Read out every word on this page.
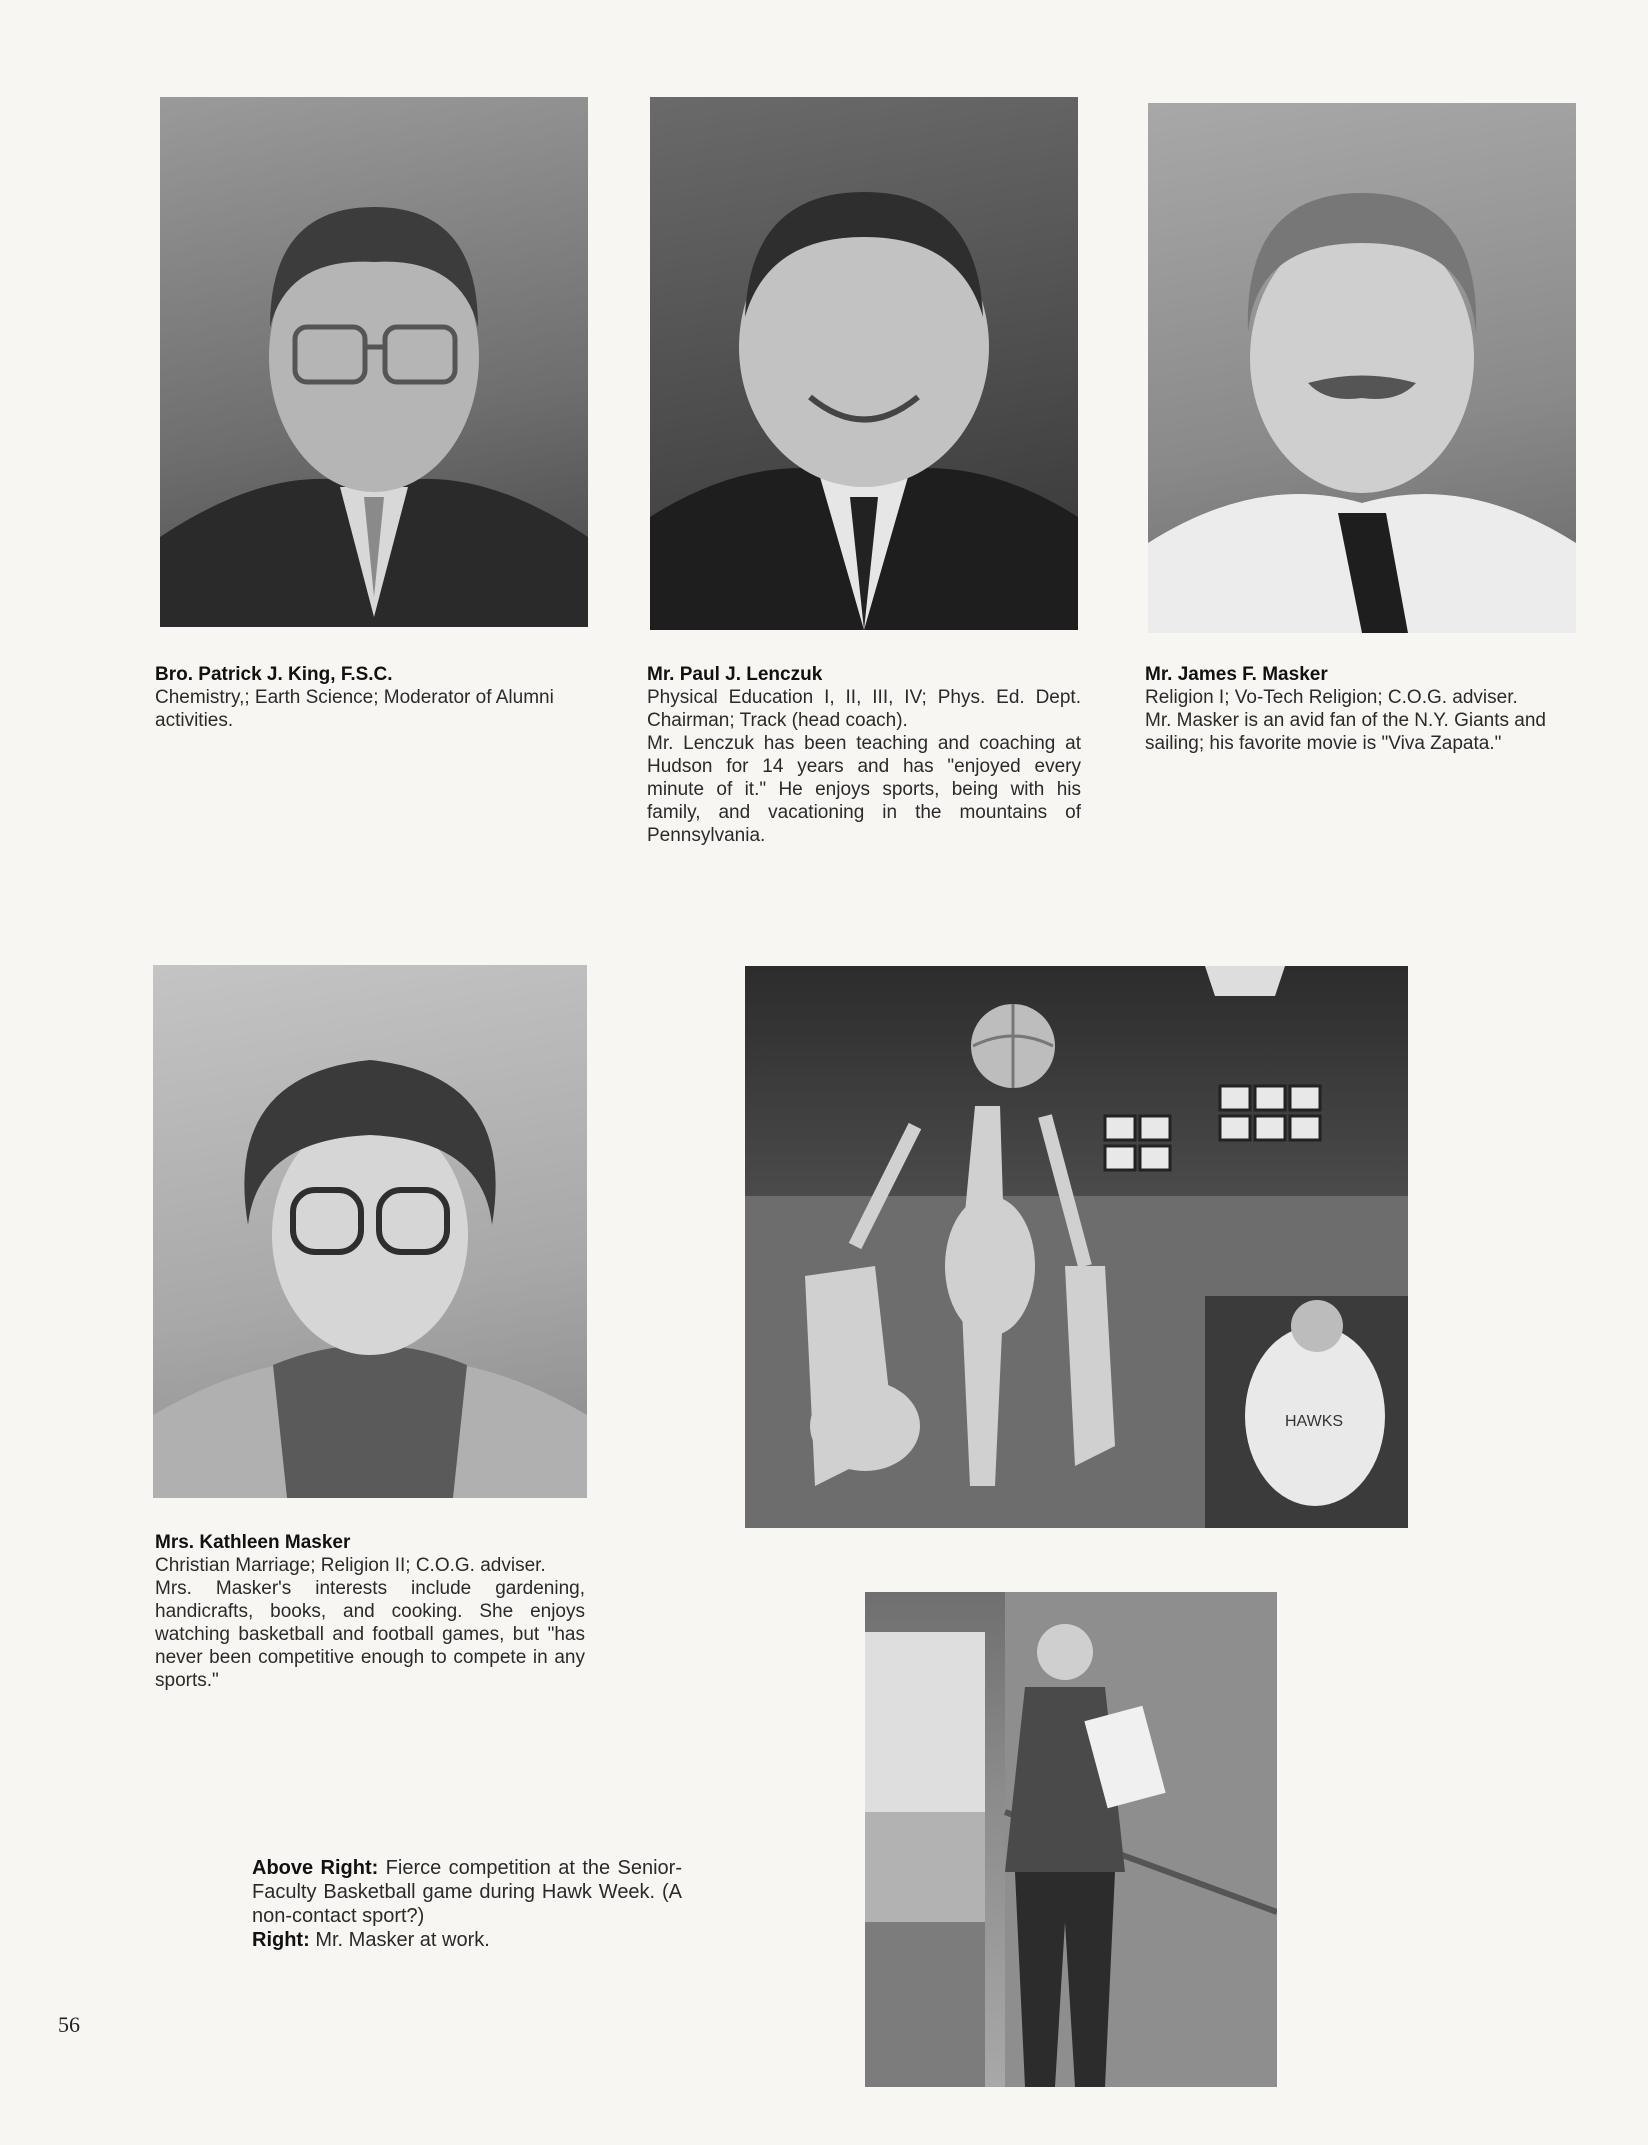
HAWKS
Bro. Patrick J. King, F.S.C.

Chemistry,; Earth Science; Moderator of Alumni activities.

Mr. Paul J. Lenczuk

Physical Education I, II, III, IV; Phys. Ed. Dept. Chairman; Track (head coach).

Mr. Lenczuk has been teaching and coaching at Hudson for 14 years and has "enjoyed every minute of it." He enjoys sports, being with his family, and vacationing in the mountains of Pennsylvania.

Mr. James F. Masker

Religion I; Vo-Tech Religion; C.O.G. adviser.

Mr. Masker is an avid fan of the N.Y. Giants and sailing; his favorite movie is "Viva Zapata."

Mrs. Kathleen Masker

Christian Marriage; Religion II; C.O.G. adviser.

Mrs. Masker's interests include gardening, handicrafts, books, and cooking. She enjoys watching basketball and football games, but "has never been competitive enough to compete in any sports."

Above Right: Fierce competition at the Senior-Faculty Basketball game during Hawk Week. (A non-contact sport?)

Right: Mr. Masker at work.

56
